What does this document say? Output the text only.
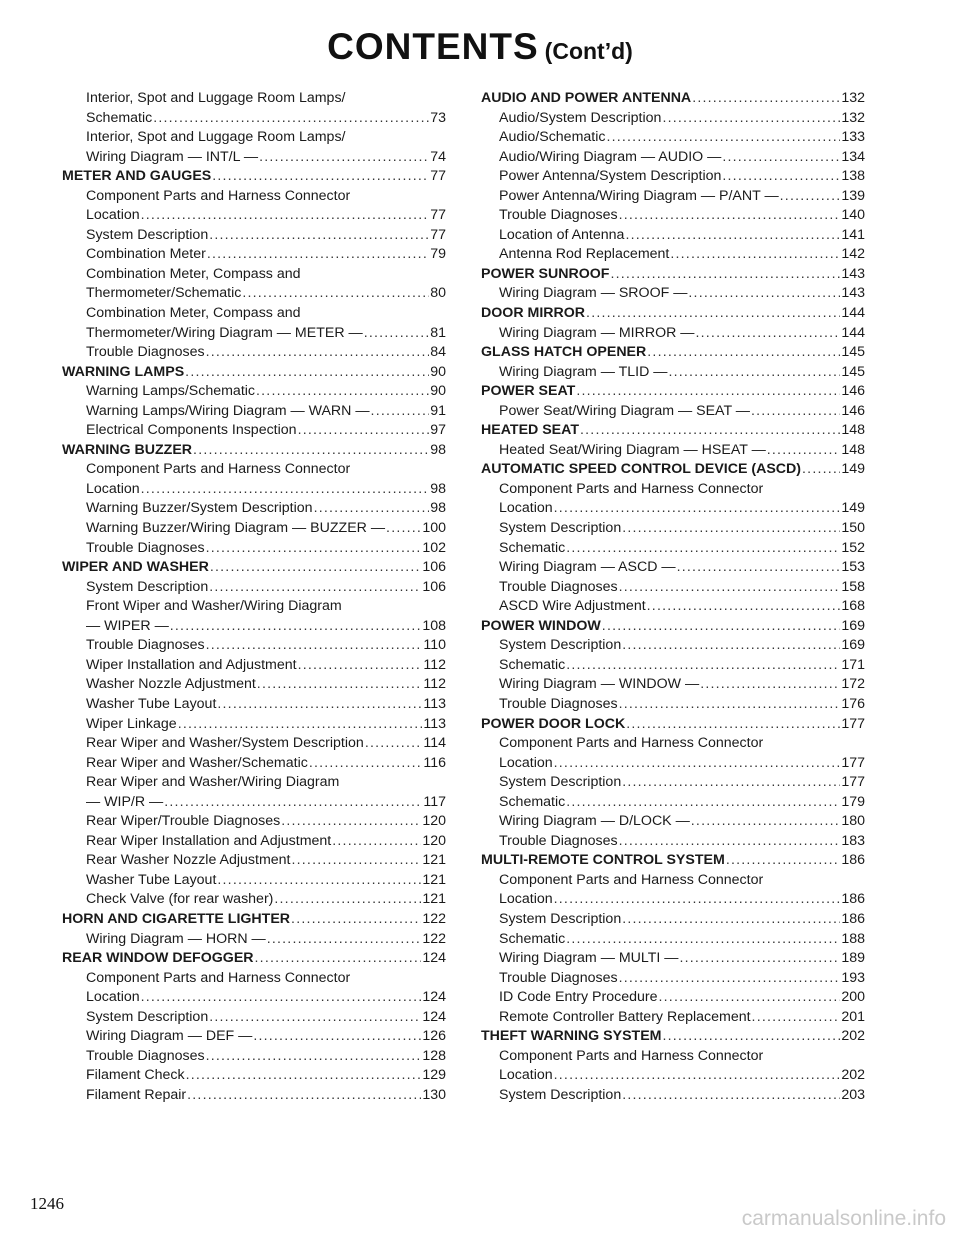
CONTENTS (Cont’d)
Interior, Spot and Luggage Room Lamps/
Schematic .....	73
Interior, Spot and Luggage Room Lamps/
Wiring Diagram — INT/L — .....	74
METER AND GAUGES .....	77
Component Parts and Harness Connector
Location .....	77
System Description .....	77
Combination Meter .....	79
Combination Meter, Compass and
Thermometer/Schematic .....	80
Combination Meter, Compass and
Thermometer/Wiring Diagram — METER — .....	81
Trouble Diagnoses .....	84
WARNING LAMPS .....	90
Warning Lamps/Schematic .....	90
Warning Lamps/Wiring Diagram — WARN — .....	91
Electrical Components Inspection .....	97
WARNING BUZZER .....	98
Component Parts and Harness Connector
Location .....	98
Warning Buzzer/System Description .....	98
Warning Buzzer/Wiring Diagram — BUZZER — .....	100
Trouble Diagnoses .....	102
WIPER AND WASHER .....	106
System Description .....	106
Front Wiper and Washer/Wiring Diagram
— WIPER — .....	108
Trouble Diagnoses .....	110
Wiper Installation and Adjustment .....	112
Washer Nozzle Adjustment .....	112
Washer Tube Layout .....	113
Wiper Linkage .....	113
Rear Wiper and Washer/System Description .....	114
Rear Wiper and Washer/Schematic .....	116
Rear Wiper and Washer/Wiring Diagram
— WIP/R — .....	117
Rear Wiper/Trouble Diagnoses .....	120
Rear Wiper Installation and Adjustment .....	120
Rear Washer Nozzle Adjustment .....	121
Washer Tube Layout .....	121
Check Valve (for rear washer) .....	121
HORN AND CIGARETTE LIGHTER .....	122
Wiring Diagram — HORN — .....	122
REAR WINDOW DEFOGGER .....	124
Component Parts and Harness Connector
Location .....	124
System Description .....	124
Wiring Diagram — DEF — .....	126
Trouble Diagnoses .....	128
Filament Check .....	129
Filament Repair .....	130
AUDIO AND POWER ANTENNA .....	132
Audio/System Description .....	132
Audio/Schematic .....	133
Audio/Wiring Diagram — AUDIO — .....	134
Power Antenna/System Description .....	138
Power Antenna/Wiring Diagram — P/ANT — .....	139
Trouble Diagnoses .....	140
Location of Antenna .....	141
Antenna Rod Replacement .....	142
POWER SUNROOF .....	143
Wiring Diagram — SROOF — .....	143
DOOR MIRROR .....	144
Wiring Diagram — MIRROR — .....	144
GLASS HATCH OPENER .....	145
Wiring Diagram — TLID — .....	145
POWER SEAT .....	146
Power Seat/Wiring Diagram — SEAT — .....	146
HEATED SEAT .....	148
Heated Seat/Wiring Diagram — HSEAT — .....	148
AUTOMATIC SPEED CONTROL DEVICE (ASCD) .....	149
Component Parts and Harness Connector
Location .....	149
System Description .....	150
Schematic .....	152
Wiring Diagram — ASCD — .....	153
Trouble Diagnoses .....	158
ASCD Wire Adjustment .....	168
POWER WINDOW .....	169
System Description .....	169
Schematic .....	171
Wiring Diagram — WINDOW — .....	172
Trouble Diagnoses .....	176
POWER DOOR LOCK .....	177
Component Parts and Harness Connector
Location .....	177
System Description .....	177
Schematic .....	179
Wiring Diagram — D/LOCK — .....	180
Trouble Diagnoses .....	183
MULTI-REMOTE CONTROL SYSTEM .....	186
Component Parts and Harness Connector
Location .....	186
System Description .....	186
Schematic .....	188
Wiring Diagram — MULTI — .....	189
Trouble Diagnoses .....	193
ID Code Entry Procedure .....	200
Remote Controller Battery Replacement .....	201
THEFT WARNING SYSTEM .....	202
Component Parts and Harness Connector
Location .....	202
System Description .....	203
1246
carmanualsonline.info
